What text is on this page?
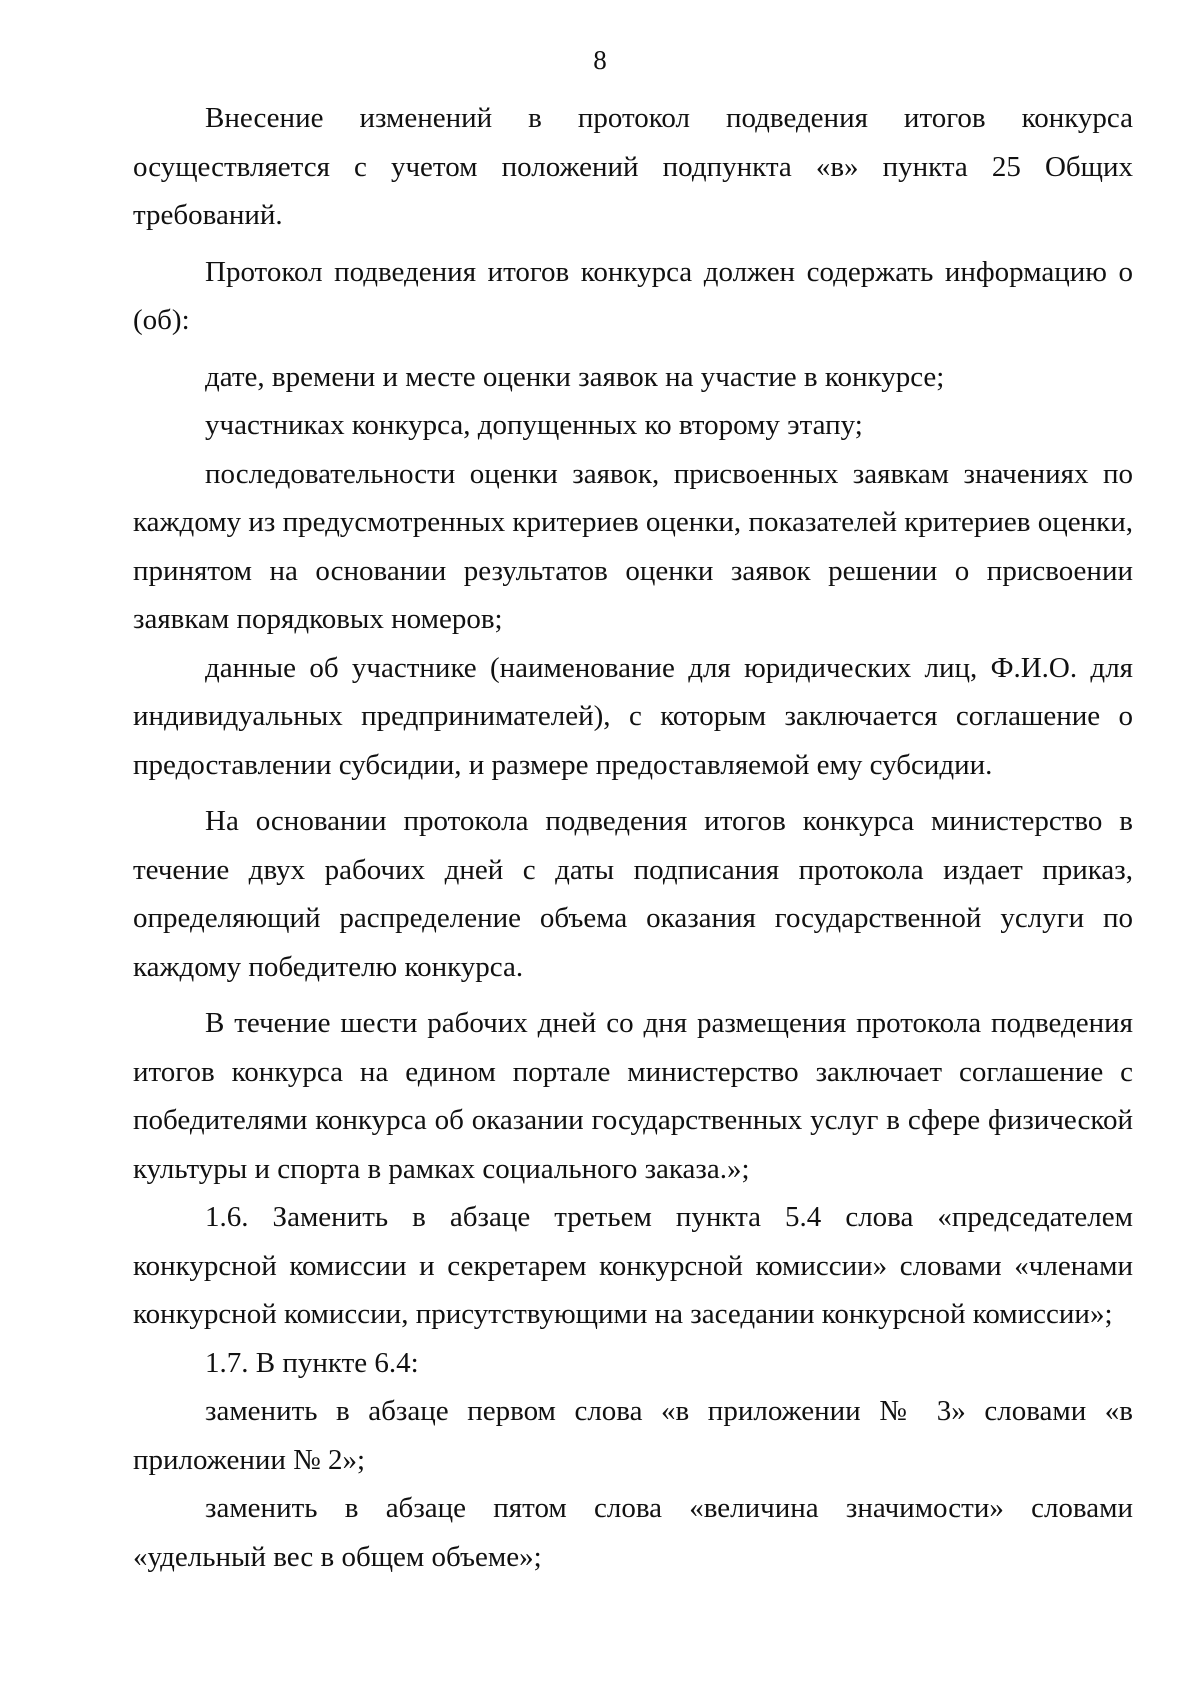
8

Внесение изменений в протокол подведения итогов конкурса осуществляется с учетом положений подпункта «в» пункта 25 Общих требований.

Протокол подведения итогов конкурса должен содержать информацию о (об):

дате, времени и месте оценки заявок на участие в конкурсе;

участниках конкурса, допущенных ко второму этапу;

последовательности оценки заявок, присвоенных заявкам значениях по каждому из предусмотренных критериев оценки, показателей критериев оценки, принятом на основании результатов оценки заявок решении о присвоении заявкам порядковых номеров;

данные об участнике (наименование для юридических лиц, Ф.И.О. для индивидуальных предпринимателей), с которым заключается соглашение о предоставлении субсидии, и размере предоставляемой ему субсидии.

На основании протокола подведения итогов конкурса министерство в течение двух рабочих дней с даты подписания протокола издает приказ, определяющий распределение объема оказания государственной услуги по каждому победителю конкурса.

В течение шести рабочих дней со дня размещения протокола подведения итогов конкурса на едином портале министерство заключает соглашение с победителями конкурса об оказании государственных услуг в сфере физической культуры и спорта в рамках социального заказа.»;

1.6. Заменить в абзаце третьем пункта 5.4 слова «председателем конкурсной комиссии и секретарем конкурсной комиссии» словами «членами конкурсной комиссии, присутствующими на заседании конкурсной комиссии»;

1.7. В пункте 6.4:

заменить в абзаце первом слова «в приложении № 3» словами «в приложении № 2»;

заменить в абзаце пятом слова «величина значимости» словами «удельный вес в общем объеме»;
